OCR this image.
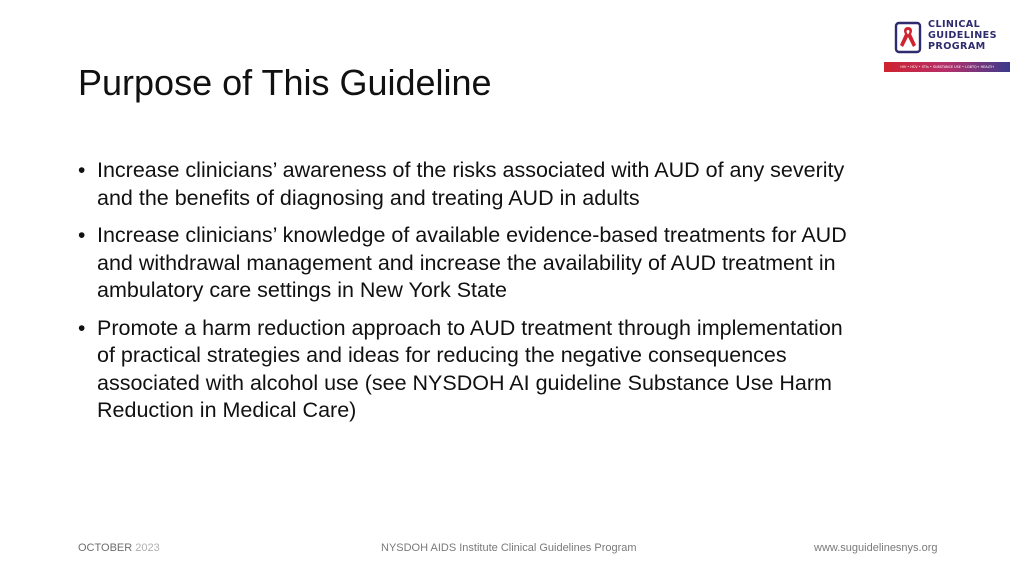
CLINICAL
GUIDELINES
PROGRAM
HIV • HCV • STIs • SUBSTANCE USE • LGBTQ+ HEALTH
Purpose of This Guideline
• Increase clinicians’ awareness of the risks associated with AUD of any severity
and the benefits of diagnosing and treating AUD in adults
• Increase clinicians’ knowledge of available evidence-based treatments for AUD
and withdrawal management and increase the availability of AUD treatment in
ambulatory care settings in New York State
• Promote a harm reduction approach to AUD treatment through implementation
of practical strategies and ideas for reducing the negative consequences
associated with alcohol use (see NYSDOH AI guideline Substance Use Harm
Reduction in Medical Care)
OCTOBER 2023	NYSDOH AIDS Institute Clinical Guidelines Program	www.suguidelinesnys.org
